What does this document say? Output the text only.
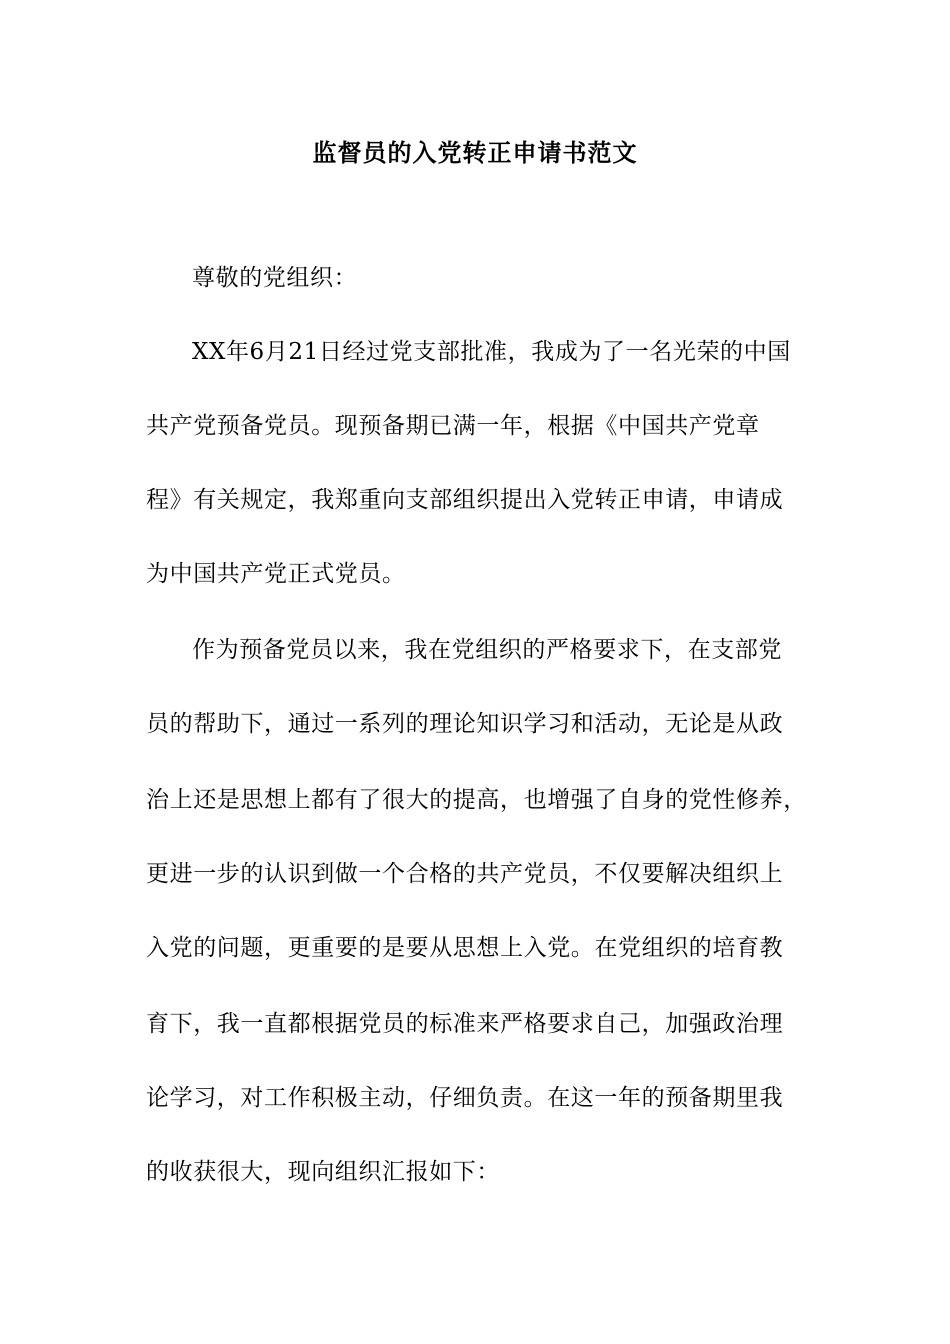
监督员的入党转正申请书范文

尊敬的党组织：

XX年6月21日经过党支部批准，我成为了一名光荣的中国

共产党预备党员。现预备期已满一年，根据《中国共产党章

程》有关规定，我郑重向支部组织提出入党转正申请，申请成

为中国共产党正式党员。

作为预备党员以来，我在党组织的严格要求下，在支部党

员的帮助下，通过一系列的理论知识学习和活动，无论是从政

治上还是思想上都有了很大的提高，也增强了自身的党性修养，

更进一步的认识到做一个合格的共产党员，不仅要解决组织上

入党的问题，更重要的是要从思想上入党。在党组织的培育教

育下，我一直都根据党员的标准来严格要求自己，加强政治理

论学习，对工作积极主动，仔细负责。在这一年的预备期里我

的收获很大，现向组织汇报如下：
